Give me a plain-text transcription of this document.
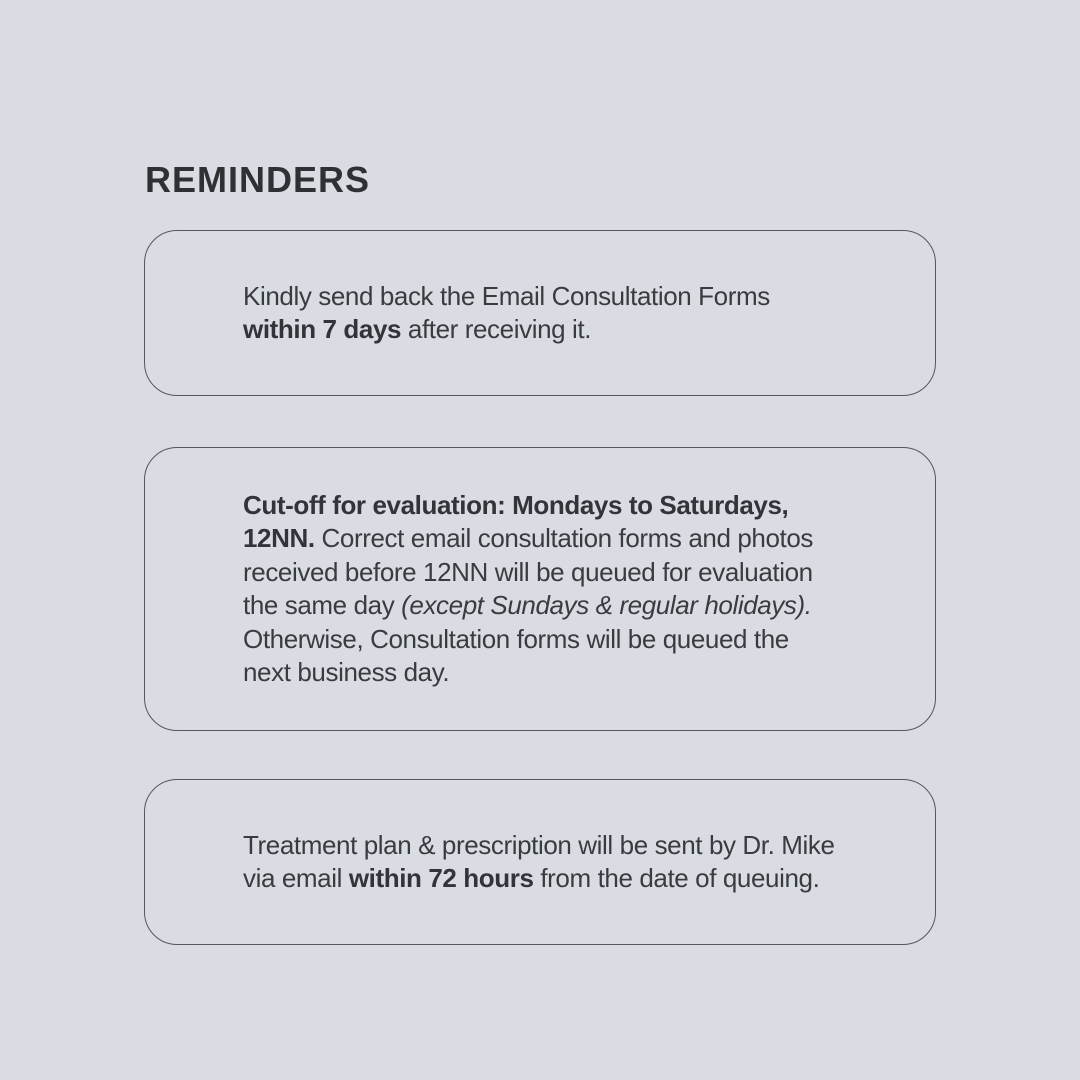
REMINDERS

Kindly send back the Email Consultation Forms
within 7 days after receiving it.

Cut-off for evaluation: Mondays to Saturdays,
12NN. Correct email consultation forms and photos
received before 12NN will be queued for evaluation
the same day (except Sundays & regular holidays).
Otherwise, Consultation forms will be queued the
next business day.

Treatment plan & prescription will be sent by Dr. Mike
via email within 72 hours from the date of queuing.
